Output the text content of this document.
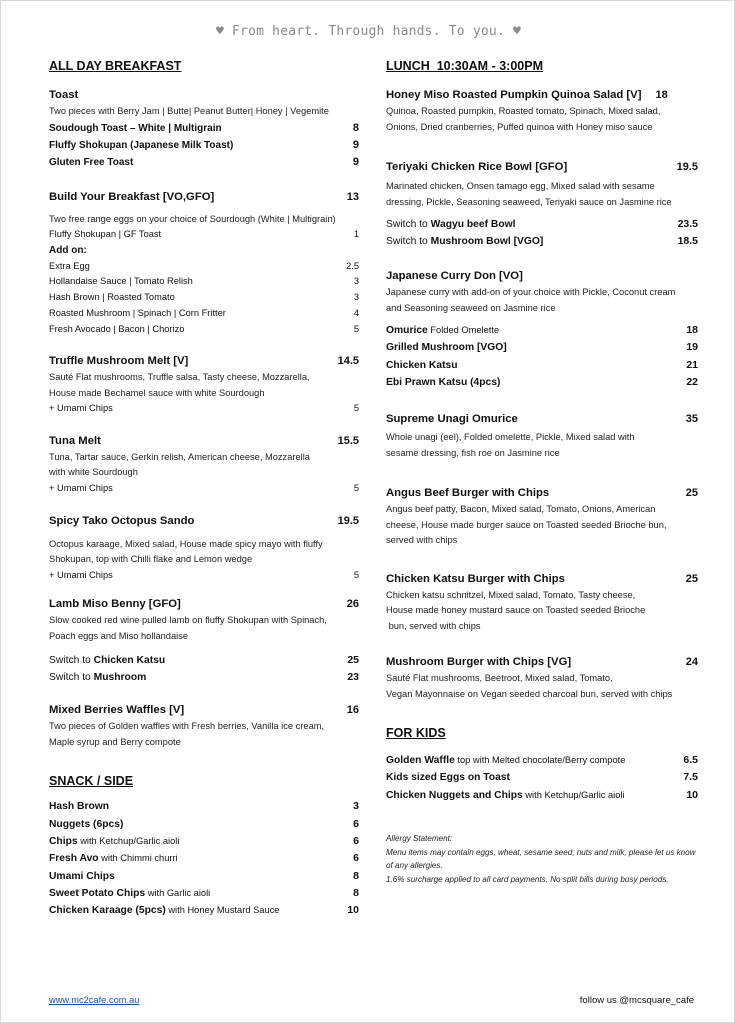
♥ From heart. Through hands. To you. ♥
ALL DAY BREAKFAST
Toast
Two pieces with Berry Jam | Butte| Peanut Butter| Honey | Vegemite
Soudough Toast – White | Multigrain	8
Fluffy Shokupan (Japanese Milk Toast)	9
Gluten Free Toast	9
Build Your Breakfast [VO,GFO]	13
Two free range eggs on your choice of Sourdough (White | Multigrain)
Fluffy Shokupan | GF Toast	1
Add on:
Extra Egg	2.5
Hollandaise Sauce | Tomato Relish	3
Hash Brown | Roasted Tomato	3
Roasted Mushroom | Spinach | Corn Fritter	4
Fresh Avocado | Bacon | Chorizo	5
Truffle Mushroom Melt [V]	14.5
Sauté Flat mushrooms, Truffle salsa, Tasty cheese, Mozzarella, House made Bechamel sauce with white Sourdough
+ Umami Chips	5
Tuna Melt	15.5
Tuna, Tartar sauce, Gerkin relish, American cheese, Mozzarella with white Sourdough
+ Umami Chips	5
Spicy Tako Octopus Sando	19.5
Octopus karaage, Mixed salad, House made spicy mayo with fluffy Shokupan, top with Chilli flake and Lemon wedge
+ Umami Chips	5
Lamb Miso Benny [GFO]	26
Slow cooked red wine pulled lamb on fluffy Shokupan with Spinach, Poach eggs and Miso hollandaise
Switch to Chicken Katsu	25
Switch to Mushroom	23
Mixed Berries Waffles [V]	16
Two pieces of Golden waffles with Fresh berries, Vanilla ice cream, Maple syrup and Berry compote
SNACK / SIDE
Hash Brown	3
Nuggets (6pcs)	6
Chips with Ketchup/Garlic aioli	6
Fresh Avo with Chimmi churri	6
Umami Chips	8
Sweet Potato Chips with Garlic aioli	8
Chicken Karaage (5pcs) with Honey Mustard Sauce	10
LUNCH  10:30AM - 3:00PM
Honey Miso Roasted Pumpkin Quinoa Salad [V] 18
Quinoa, Roasted pumpkin, Roasted tomato, Spinach, Mixed salad, Onions, Dried cranberries, Puffed quinoa with Honey miso sauce
Teriyaki Chicken Rice Bowl [GFO]	19.5
Marinated chicken, Onsen tamago egg, Mixed salad with sesame dressing, Pickle, Seasoning seaweed, Teriyaki sauce on Jasmine rice
Switch to Wagyu beef Bowl	23.5
Switch to Mushroom Bowl [VGO]	18.5
Japanese Curry Don [VO]
Japanese curry with add-on of your choice with Pickle, Coconut cream and Seasoning seaweed on Jasmine rice
Omurice Folded Omelette	18
Grilled Mushroom [VGO]	19
Chicken Katsu	21
Ebi Prawn Katsu (4pcs)	22
Supreme Unagi Omurice	35
Whole unagi (eel), Folded omelette, Pickle, Mixed salad with sesame dressing, fish roe on Jasmine rice
Angus Beef Burger with Chips	25
Angus beef patty, Bacon, Mixed salad, Tomato, Onions, American cheese, House made burger sauce on Toasted seeded Brioche bun, served with chips
Chicken Katsu Burger with Chips	25
Chicken katsu schnitzel, Mixed salad, Tomato, Tasty cheese,
House made honey mustard sauce on Toasted seeded Brioche
bun, served with chips
Mushroom Burger with Chips [VG]	24
Sauté Flat mushrooms, Beetroot, Mixed salad, Tomato,
Vegan Mayonnaise on Vegan seeded charcoal bun, served with chips
FOR KIDS
Golden Waffle top with Melted chocolate/Berry compote	6.5
Kids sized Eggs on Toast	7.5
Chicken Nuggets and Chips with Ketchup/Garlic aioli	10
Allergy Statement:
Menu items may contain eggs, wheat, sesame seed, nuts and milk, please let us know of any allergies.
1.6% surcharge applied to all card payments. No split bills during busy periods.
www.mc2cafe.com.au	follow us @mcsquare_cafe
